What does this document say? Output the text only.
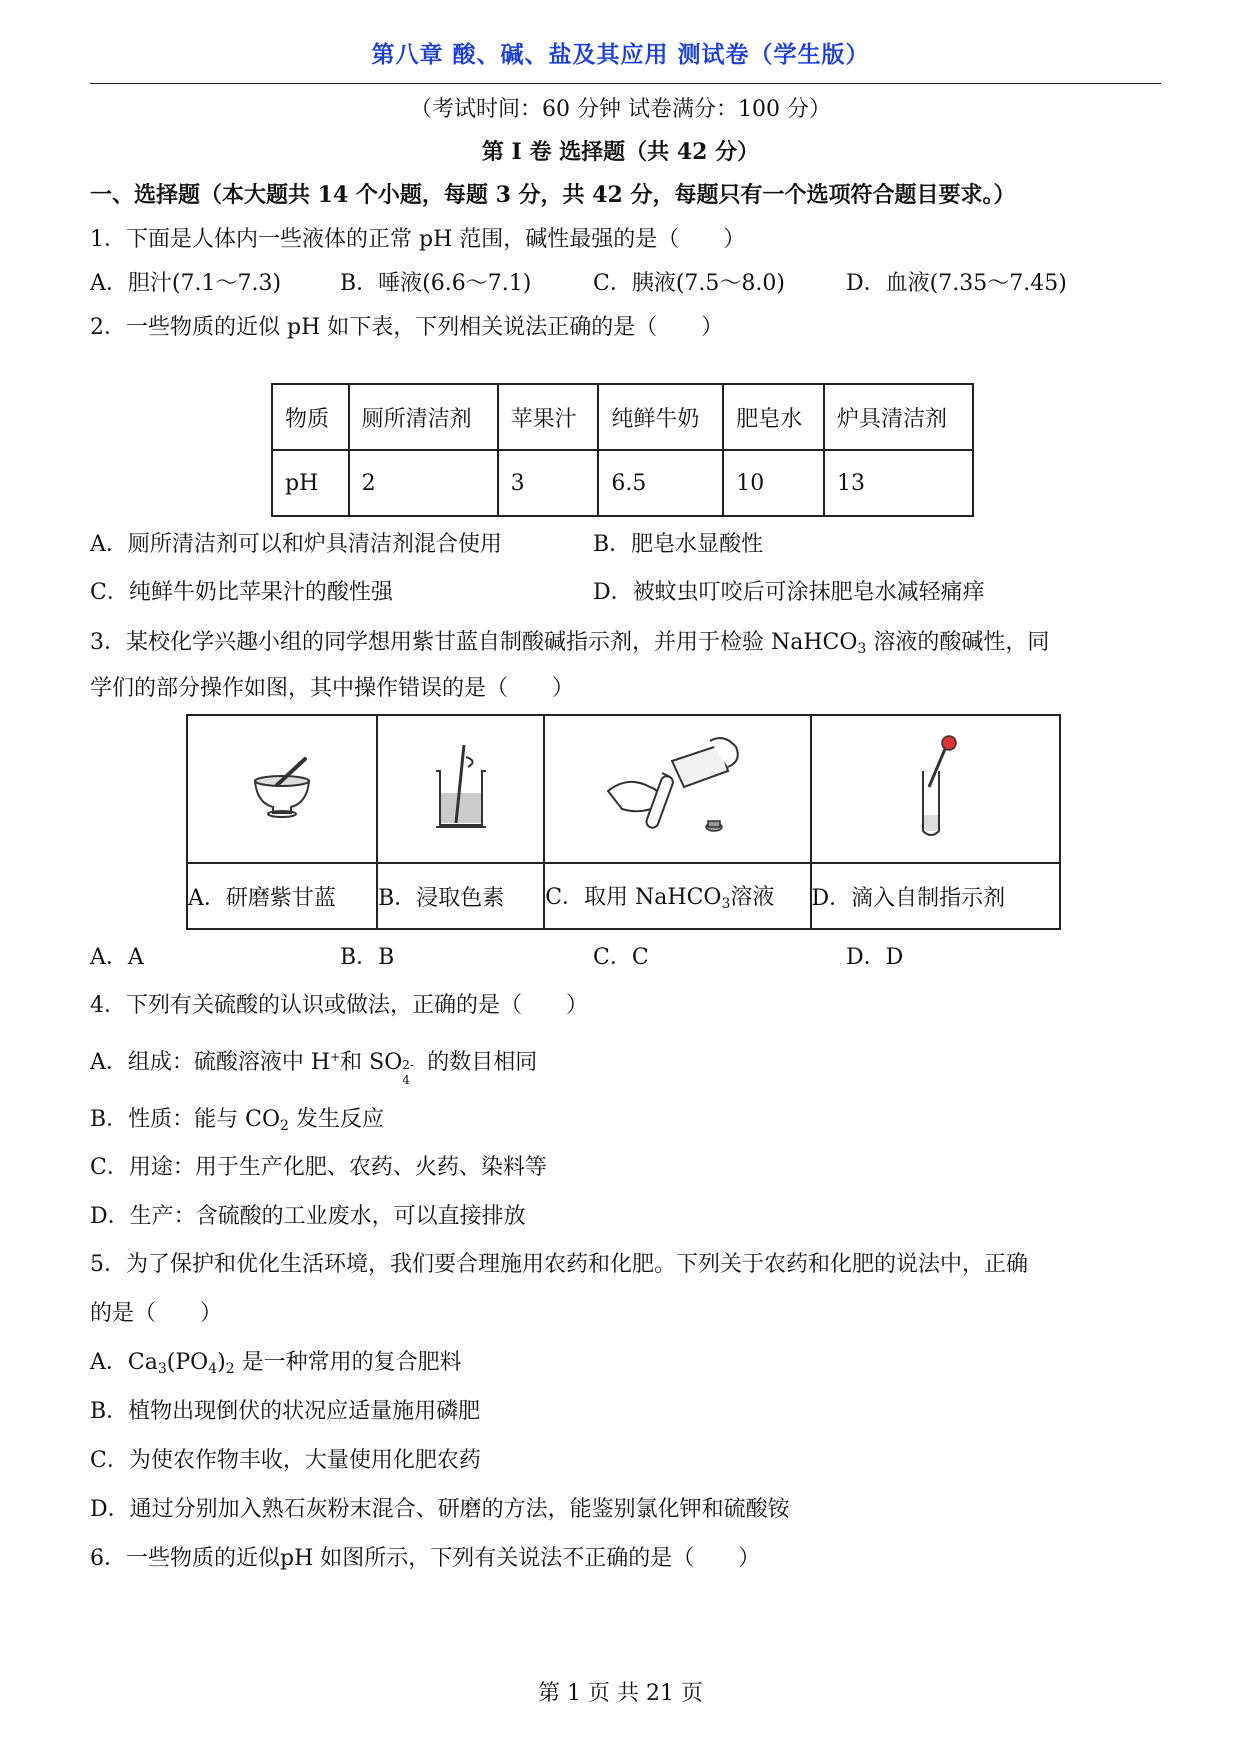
第八章 酸、碱、盐及其应用 测试卷（学生版）
（考试时间：60 分钟 试卷满分：100 分）
第 I 卷 选择题（共 42 分）
一、选择题（本大题共 14 个小题，每题 3 分，共 42 分，每题只有一个选项符合题目要求。）
1．下面是人体内一些液体的正常 pH 范围，碱性最强的是（　　）
A．胆汁(7.1～7.3)	B．唾液(6.6～7.1)	C．胰液(7.5～8.0)	D．血液(7.35～7.45)
2．一些物质的近似 pH 如下表，下列相关说法正确的是（　　）
物质	厕所清洁剂	苹果汁	纯鲜牛奶	肥皂水	炉具清洁剂
pH	2	3	6.5	10	13
A．厕所清洁剂可以和炉具清洁剂混合使用	B．肥皂水显酸性
C．纯鲜牛奶比苹果汁的酸性强	D．被蚊虫叮咬后可涂抹肥皂水减轻痛痒
3．某校化学兴趣小组的同学想用紫甘蓝自制酸碱指示剂，并用于检验 NaHCO$_3$ 溶液的酸碱性，同
学们的部分操作如图，其中操作错误的是（　　）

A．研磨紫甘蓝	B．浸取色素	C．取用 NaHCO$_3$溶液	D．滴入自制指示剂
A．A	B．B	C．C	D．D
4．下列有关硫酸的认识或做法，正确的是（　　）
A．组成：硫酸溶液中 H+和 SO 2-
4
的数目相同
B．性质：能与 $CO_2$ 发生反应
C．用途：用于生产化肥、农药、火药、染料等
D．生产：含硫酸的工业废水，可以直接排放
5．为了保护和优化生活环境，我们要合理施用农药和化肥。下列关于农药和化肥的说法中，正确
的是（　　）
A．$Ca_3(PO_4)_2$ 是一种常用的复合肥料
B．植物出现倒伏的状况应适量施用磷肥
C．为使农作物丰收，大量使用化肥农药
D．通过分别加入熟石灰粉末混合、研磨的方法，能鉴别氯化钾和硫酸铵
6．一些物质的近似pH 如图所示，下列有关说法不正确的是（　　）
第 1 页 共 21 页
